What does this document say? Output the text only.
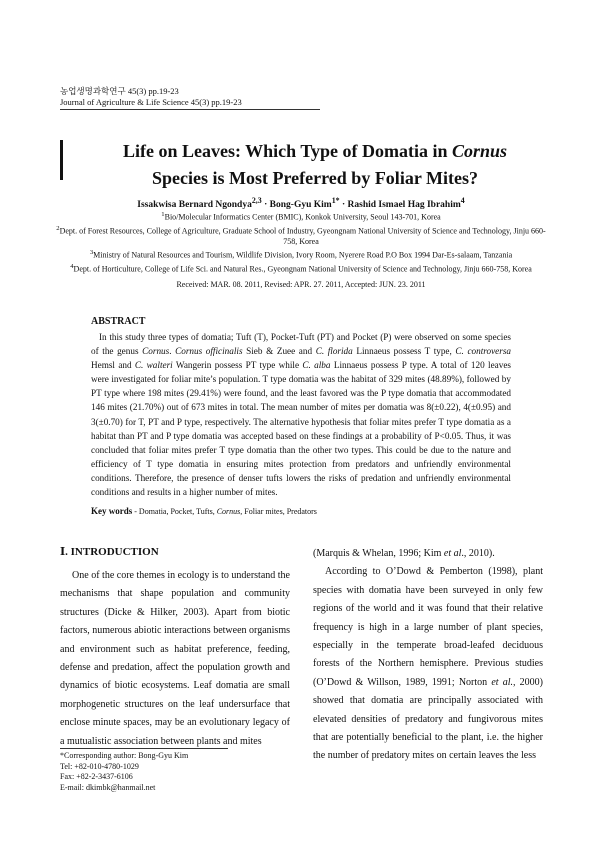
농업생명과학연구 45(3) pp.19-23
Journal of Agriculture & Life Science 45(3) pp.19-23
Life on Leaves: Which Type of Domatia in Cornus
Species is Most Preferred by Foliar Mites?
Issakwisa Bernard Ngondya$^{2,3}$ · Bong-Gyu Kim$^{1*}$ · Rashid Ismael Hag Ibrahim$^4$
$^1$Bio/Molecular Informatics Center (BMIC), Konkok University, Seoul 143-701, Korea
$^2$Dept. of Forest Resources, College of Agriculture, Graduate School of Industry, Gyeongnam National University of Science and Technology, Jinju 660-758, Korea
$^3$Ministry of Natural Resources and Tourism, Wildlife Division, Ivory Room, Nyerere Road P.O Box 1994 Dar-Es-salaam, Tanzania
$^4$Dept. of Horticulture, College of Life Sci. and Natural Res., Gyeongnam National University of Science and Technology, Jinju 660-758, Korea
Received: MAR. 08. 2011, Revised: APR. 27. 2011, Accepted: JUN. 23. 2011
ABSTRACT
In this study three types of domatia; Tuft (T), Pocket-Tuft (PT) and Pocket (P) were observed on some species of the genus Cornus. Cornus officinalis Sieb & Zuee and C. florida Linnaeus possess T type, C. controversa Hemsl and C. walteri Wangerin possess PT type while C. alba Linnaeus possess P type. A total of 120 leaves were investigated for foliar mite’s population. T type domatia was the habitat of 329 mites (48.89%), followed by PT type where 198 mites (29.41%) were found, and the least favored was the P type domatia that accommodated 146 mites (21.70%) out of 673 mites in total. The mean number of mites per domatia was 8(±0.22), 4(±0.95) and 3(±0.70) for T, PT and P type, respectively. The alternative hypothesis that foliar mites prefer T type domatia as a habitat than PT and P type domatia was accepted based on these findings at a probability of P<0.05. Thus, it was concluded that foliar mites prefer T type domatia than the other two types. This could be due to the nature and efficiency of T type domatia in ensuring mites protection from predators and unfriendly environmental conditions. Therefore, the presence of denser tufts lowers the risks of predation and unfriendly environmental conditions and results in a higher number of mites.
Key words - Domatia, Pocket, Tufts, Cornus, Foliar mites, Predators
Ⅰ. INTRODUCTION

One of the core themes in ecology is to understand the mechanisms that shape population and community structures (Dicke & Hilker, 2003). Apart from biotic factors, numerous abiotic interactions between organisms and environment such as habitat preference, feeding, defense and predation, affect the population growth and dynamics of biotic ecosystems. Leaf domatia are small morphogenetic structures on the leaf undersurface that enclose minute spaces, may be an evolutionary legacy of a mutualistic association between plants and mites

(Marquis & Whelan, 1996; Kim et al., 2010).

According to O’Dowd & Pemberton (1998), plant species with domatia have been surveyed in only few regions of the world and it was found that their relative frequency is high in a large number of plant species, especially in the temperate broad-leafed deciduous forests of the Northern hemisphere. Previous studies (O’Dowd & Willson, 1989, 1991; Norton et al., 2000) showed that domatia are principally associated with elevated densities of predatory and fungivorous mites that are potentially beneficial to the plant, i.e. the higher the number of predatory mites on certain leaves the less

*Corresponding author: Bong-Gyu Kim
Tel: +82-010-4780-1029
Fax: +82-2-3437-6106
E-mail: dkimbk@hanmail.net
